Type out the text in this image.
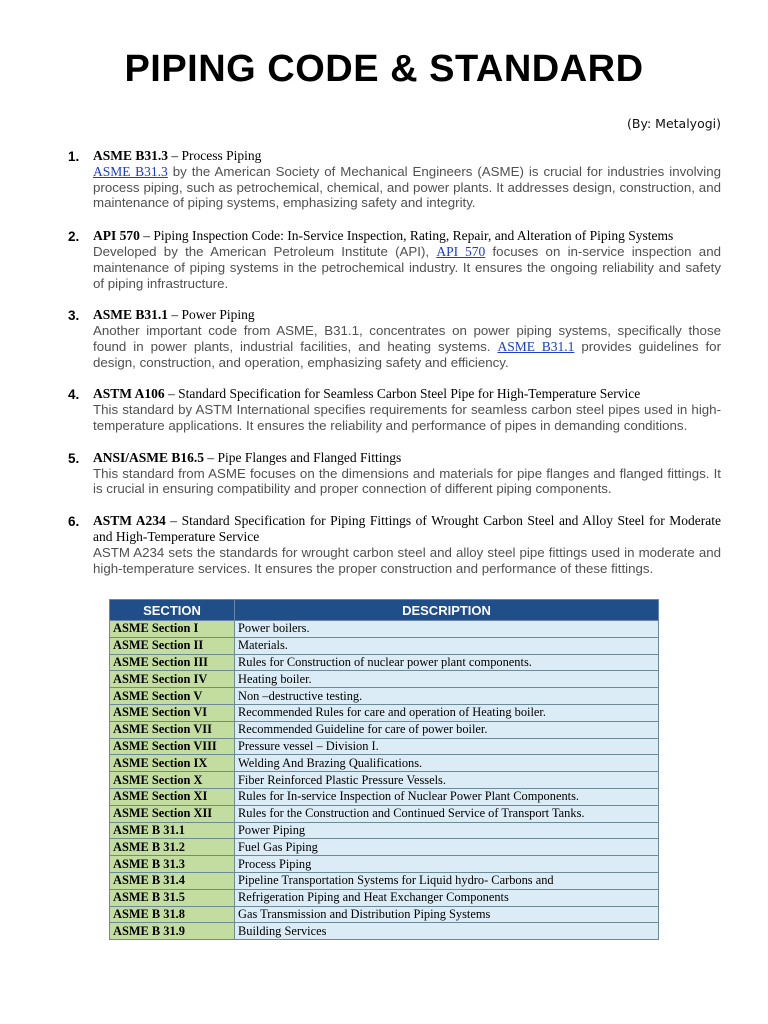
PIPING CODE & STANDARD
(By: Metalyogi)
1. ASME B31.3 – Process Piping

ASME B31.3 by the American Society of Mechanical Engineers (ASME) is crucial for industries involving process piping, such as petrochemical, chemical, and power plants. It addresses design, construction, and maintenance of piping systems, emphasizing safety and integrity.

2. API 570 – Piping Inspection Code: In-Service Inspection, Rating, Repair, and Alteration of Piping Systems

Developed by the American Petroleum Institute (API), API 570 focuses on in-service inspection and maintenance of piping systems in the petrochemical industry. It ensures the ongoing reliability and safety of piping infrastructure.

3. ASME B31.1 – Power Piping

Another important code from ASME, B31.1, concentrates on power piping systems, specifically those found in power plants, industrial facilities, and heating systems. ASME B31.1 provides guidelines for design, construction, and operation, emphasizing safety and efficiency.

4. ASTM A106 – Standard Specification for Seamless Carbon Steel Pipe for High-Temperature Service

This standard by ASTM International specifies requirements for seamless carbon steel pipes used in high-temperature applications. It ensures the reliability and performance of pipes in demanding conditions.

5. ANSI/ASME B16.5 – Pipe Flanges and Flanged Fittings

This standard from ASME focuses on the dimensions and materials for pipe flanges and flanged fittings. It is crucial in ensuring compatibility and proper connection of different piping components.

6. ASTM A234 – Standard Specification for Piping Fittings of Wrought Carbon Steel and Alloy Steel for Moderate and High-Temperature Service

ASTM A234 sets the standards for wrought carbon steel and alloy steel pipe fittings used in moderate and high-temperature services. It ensures the proper construction and performance of these fittings.

SECTION	DESCRIPTION
ASME Section I	Power boilers.
ASME Section II	Materials.
ASME Section III	Rules for Construction of nuclear power plant components.
ASME Section IV	Heating boiler.
ASME Section V	Non –destructive testing.
ASME Section VI	Recommended Rules for care and operation of Heating boiler.
ASME Section VII	Recommended Guideline for care of power boiler.
ASME Section VIII	Pressure vessel – Division I.
ASME Section IX	Welding And Brazing Qualifications.
ASME Section X	Fiber Reinforced Plastic Pressure Vessels.
ASME Section XI	Rules for In-service Inspection of Nuclear Power Plant Components.
ASME Section XII	Rules for the Construction and Continued Service of Transport Tanks.
ASME B 31.1	Power Piping
ASME B 31.2	Fuel Gas Piping
ASME B 31.3	Process Piping
ASME B 31.4	Pipeline Transportation Systems for Liquid hydro- Carbons and
ASME B 31.5	Refrigeration Piping and Heat Exchanger Components
ASME B 31.8	Gas Transmission and Distribution Piping Systems
ASME B 31.9	Building Services
